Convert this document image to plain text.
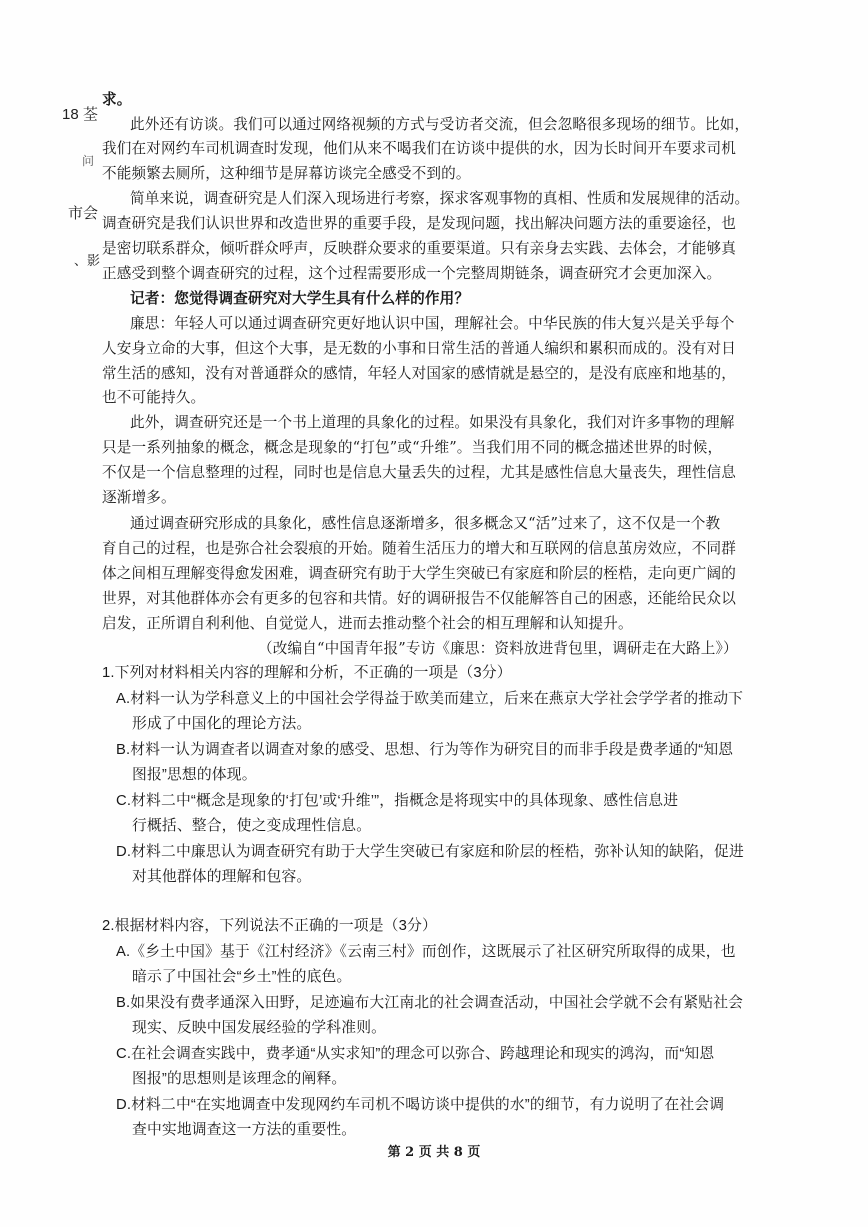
18 荃
问
市会
、影
求。
此外还有访谈。我们可以通过网络视频的方式与受访者交流，但会忽略很多现场的细节。比如，
我们在对网约车司机调查时发现，他们从来不喝我们在访谈中提供的水，因为长时间开车要求司机
不能频繁去厕所，这种细节是屏幕访谈完全感受不到的。
简单来说，调查研究是人们深入现场进行考察，探求客观事物的真相、性质和发展规律的活动。
调查研究是我们认识世界和改造世界的重要手段，是发现问题，找出解决问题方法的重要途径，也
是密切联系群众，倾听群众呼声，反映群众要求的重要渠道。只有亲身去实践、去体会，才能够真
正感受到整个调查研究的过程，这个过程需要形成一个完整周期链条，调查研究才会更加深入。
记者：您觉得调查研究对大学生具有什么样的作用？
廉思：年轻人可以通过调查研究更好地认识中国，理解社会。中华民族的伟大复兴是关乎每个
人安身立命的大事，但这个大事，是无数的小事和日常生活的普通人编织和累积而成的。没有对日
常生活的感知，没有对普通群众的感情，年轻人对国家的感情就是悬空的，是没有底座和地基的，
也不可能持久。
此外，调查研究还是一个书上道理的具象化的过程。如果没有具象化，我们对许多事物的理解
只是一系列抽象的概念，概念是现象的“打包”或“升维”。当我们用不同的概念描述世界的时候，
不仅是一个信息整理的过程，同时也是信息大量丢失的过程，尤其是感性信息大量丧失，理性信息
逐渐增多。
通过调查研究形成的具象化，感性信息逐渐增多，很多概念又“活”过来了，这不仅是一个教
育自己的过程，也是弥合社会裂痕的开始。随着生活压力的增大和互联网的信息茧房效应，不同群
体之间相互理解变得愈发困难，调查研究有助于大学生突破已有家庭和阶层的桎梏，走向更广阔的
世界，对其他群体亦会有更多的包容和共情。好的调研报告不仅能解答自己的困惑，还能给民众以
启发，正所谓自利利他、自觉觉人，进而去推动整个社会的相互理解和认知提升。
（改编自“中国青年报”专访《廉思：资料放进背包里，调研走在大路上》）
1.下列对材料相关内容的理解和分析，不正确的一项是（3分）
A.材料一认为学科意义上的中国社会学得益于欧美而建立，后来在燕京大学社会学学者的推动下
形成了中国化的理论方法。
B.材料一认为调查者以调查对象的感受、思想、行为等作为研究目的而非手段是费孝通的“知恩
图报”思想的体现。
C.材料二中“概念是现象的‘打包’或‘升维’”，指概念是将现实中的具体现象、感性信息进
行概括、整合，使之变成理性信息。
D.材料二中廉思认为调查研究有助于大学生突破已有家庭和阶层的桎梏，弥补认知的缺陷，促进
对其他群体的理解和包容。
2.根据材料内容，下列说法不正确的一项是（3分）
A.《乡土中国》基于《江村经济》《云南三村》而创作，这既展示了社区研究所取得的成果，也
暗示了中国社会“乡土”性的底色。
B.如果没有费孝通深入田野，足迹遍布大江南北的社会调查活动，中国社会学就不会有紧贴社会
现实、反映中国发展经验的学科准则。
C.在社会调查实践中，费孝通“从实求知”的理念可以弥合、跨越理论和现实的鸿沟，而“知恩
图报”的思想则是该理念的阐释。
D.材料二中“在实地调查中发现网约车司机不喝访谈中提供的水”的细节，有力说明了在社会调
查中实地调查这一方法的重要性。
第 2 页 共 8 页
